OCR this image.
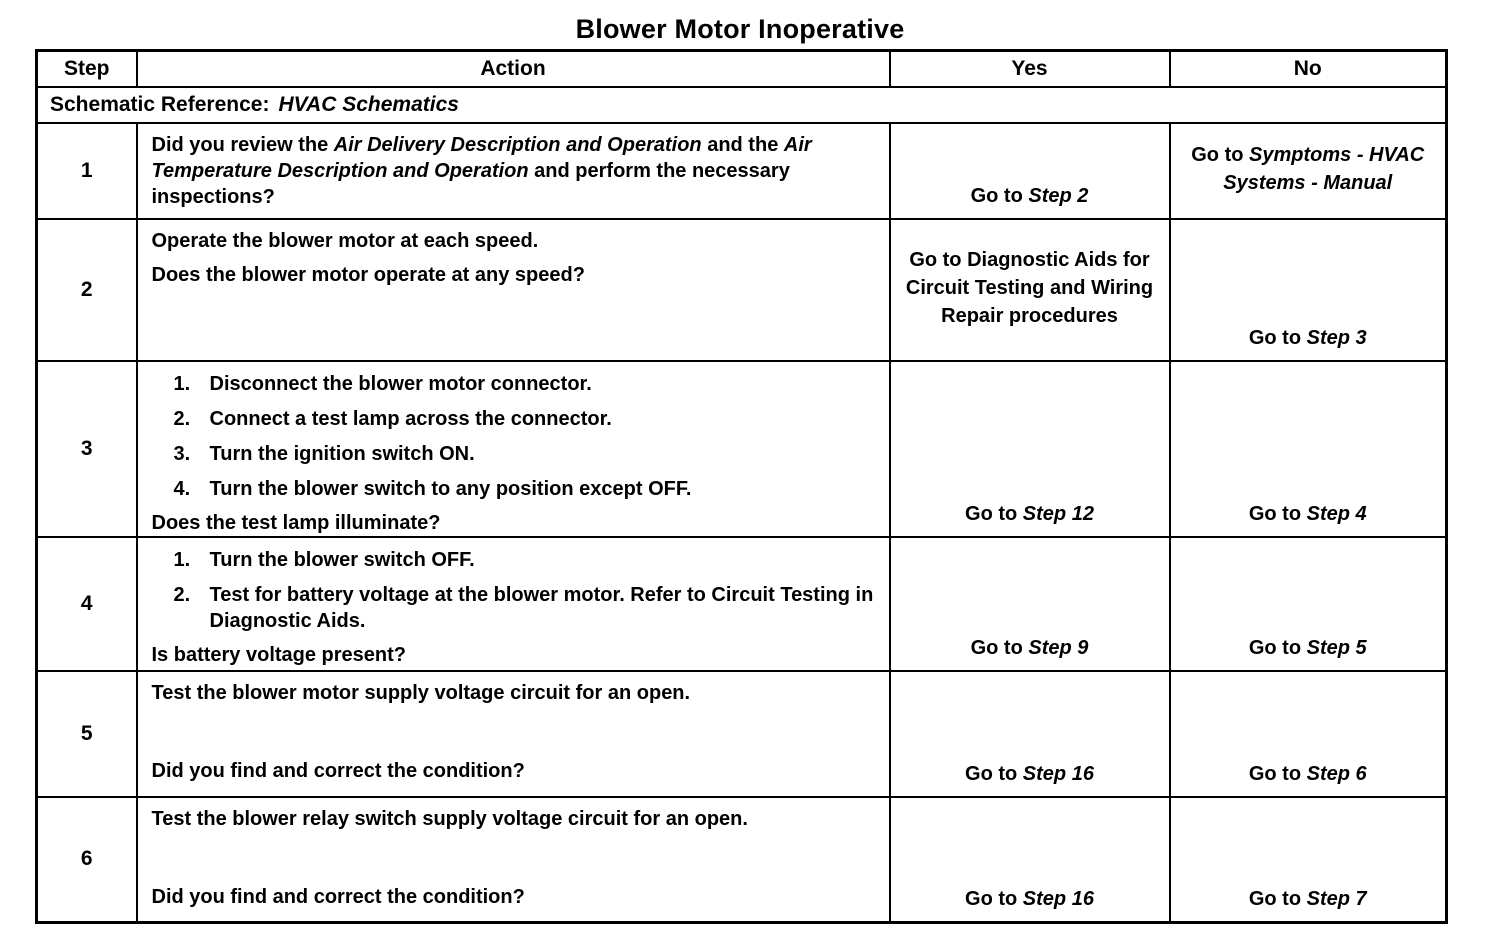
Blower Motor Inoperative
Step	Action	Yes	No
Schematic Reference: HVAC Schematics			
1	Did you review the Air Delivery Description and Operation and the Air Temperature Description and Operation and perform the necessary inspections?	Go to Step 2	Go to Symptoms - HVAC Systems - Manual

2	Operate the blower motor at each speed.
Does the blower motor operate at any speed?	Go to Diagnostic Aids for Circuit Testing and Wiring Repair procedures	Go to Step 3

3	
1. Disconnect the blower motor connector.
2. Connect a test lamp across the connector.
3. Turn the ignition switch ON.
4. Turn the blower switch to any position except OFF.
Does the test lamp illuminate?	Go to Step 12	Go to Step 4

4	1. Turn the blower switch OFF.
2. Test for battery voltage at the blower motor. Refer to Circuit Testing in Diagnostic Aids.
Is battery voltage present?	Go to Step 9	Go to Step 5

5	Test the blower motor supply voltage circuit for an open.
Did you find and correct the condition?	Go to Step 16	Go to Step 6

6	Test the blower relay switch supply voltage circuit for an open.
Did you find and correct the condition?	Go to Step 16	Go to Step 7
